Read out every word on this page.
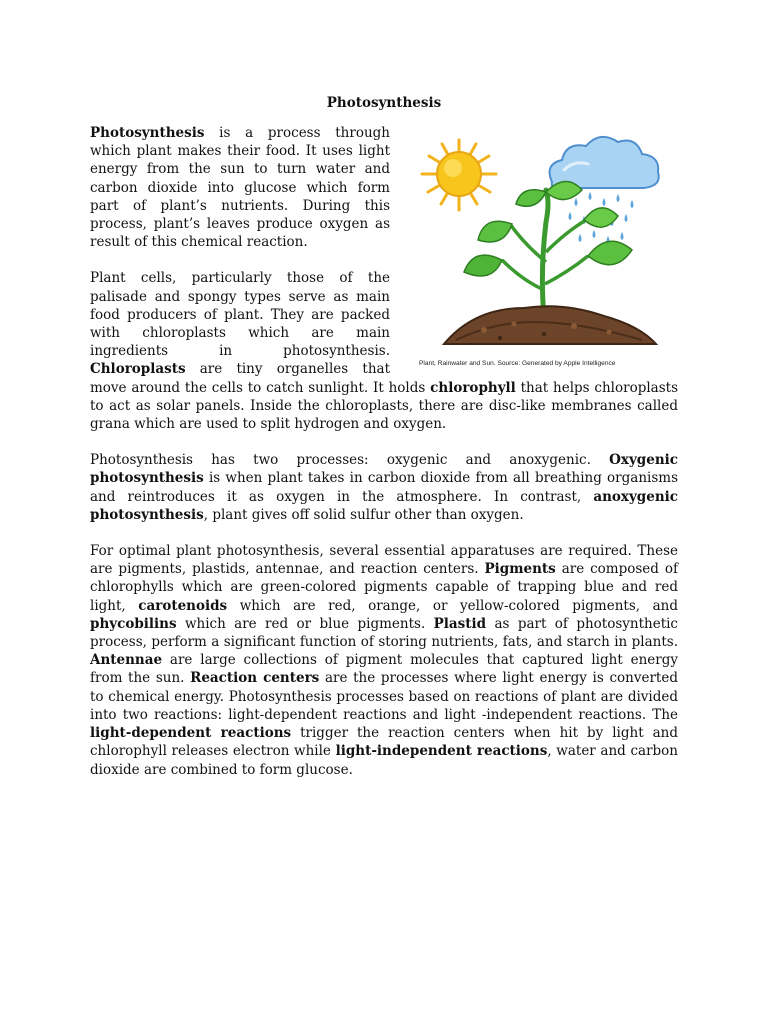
Photosynthesis
Plant, Rainwater and Sun. Source: Generated by Apple Intelligence

Photosynthesis is a process through which plant makes their food. It uses light energy from the sun to turn water and carbon dioxide into glucose which form part of plant’s nutrients. During this process, plant’s leaves produce oxygen as result of this chemical reaction.

Plant cells, particularly those of the palisade and spongy types serve as main food producers of plant. They are packed with chloroplasts which are main ingredients in photosynthesis. Chloroplasts are tiny organelles that move around the cells to catch sunlight. It holds chlorophyll that helps chloroplasts to act as solar panels. Inside the chloroplasts, there are disc-like membranes called grana which are used to split hydrogen and oxygen.

Photosynthesis has two processes: oxygenic and anoxygenic. Oxygenic photosynthesis is when plant takes in carbon dioxide from all breathing organisms and reintroduces it as oxygen in the atmosphere. In contrast, anoxygenic photosynthesis, plant gives off solid sulfur other than oxygen.

For optimal plant photosynthesis, several essential apparatuses are required. These are pigments, plastids, antennae, and reaction centers. Pigments are composed of chlorophylls which are green-colored pigments capable of trapping blue and red light, carotenoids which are red, orange, or yellow-colored pigments, and phycobilins which are red or blue pigments. Plastid as part of photosynthetic process, perform a significant function of storing nutrients, fats, and starch in plants. Antennae are large collections of pigment molecules that captured light energy from the sun. Reaction centers are the processes where light energy is converted to chemical energy. Photosynthesis processes based on reactions of plant are divided into two reactions: light-dependent reactions and light -independent reactions. The light-dependent reactions trigger the reaction centers when hit by light and chlorophyll releases electron while light-independent reactions, water and carbon dioxide are combined to form glucose.
